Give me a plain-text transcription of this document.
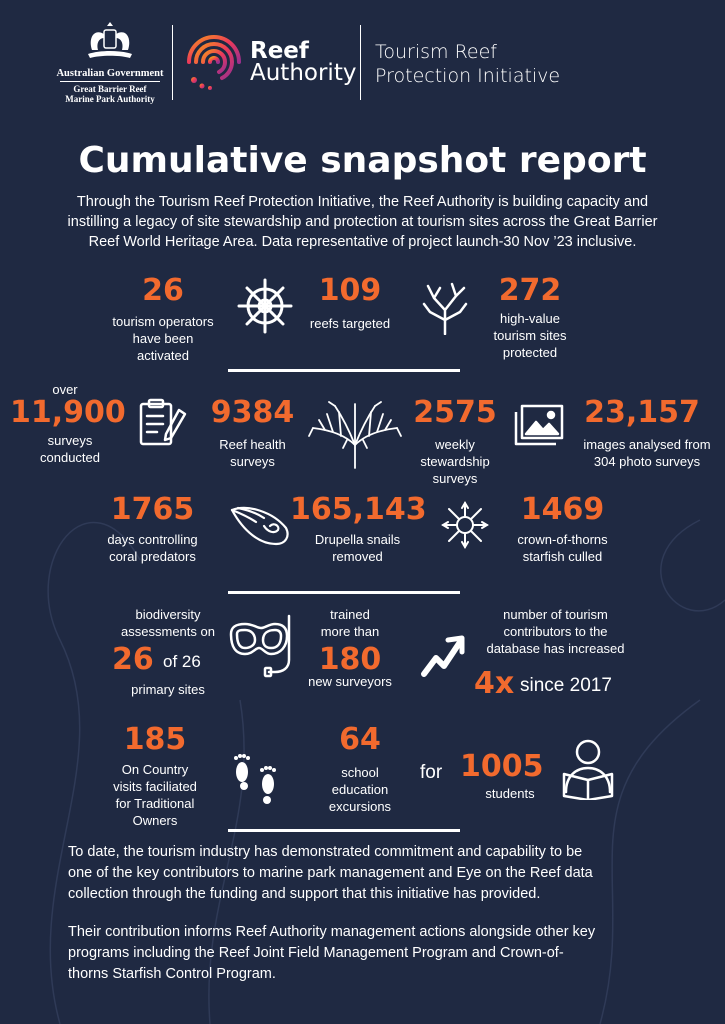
Australian Government
Great Barrier Reef
Marine Park Authority
Reef
Authority
Tourism Reef
Protection Initiative
Cumulative snapshot report
Through the Tourism Reef Protection Initiative, the Reef Authority is building capacity and
instilling a legacy of site stewardship and protection at tourism sites across the Great Barrier
Reef World Heritage Area. Data representative of project launch-30 Nov ’23 inclusive.
26
tourism operators
have been
activated
109
reefs targeted
272
high-value
tourism sites
protected
over
11,900
surveys
conducted
9384
Reef health
surveys
2575
weekly
stewardship
surveys
23,157
images analysed from
304 photo surveys
1765
days controlling
coral predators
165,143
Drupella snails
removed
1469
crown-of-thorns
starfish culled
biodiversity
assessments on
26 of 26
primary sites
trained
more than
180
new surveyors
number of tourism
contributors to the
database has increased
4x since 2017
185
On Country
visits faciliated
for Traditional
Owners
64
school
education
excursions
for 1005
students
To date, the tourism industry has demonstrated commitment and capability to be
one of the key contributors to marine park management and Eye on the Reef data
collection through the funding and support that this initiative has provided.
Their contribution informs Reef Authority management actions alongside other key
programs including the Reef Joint Field Management Program and Crown-of-
thorns Starfish Control Program.
